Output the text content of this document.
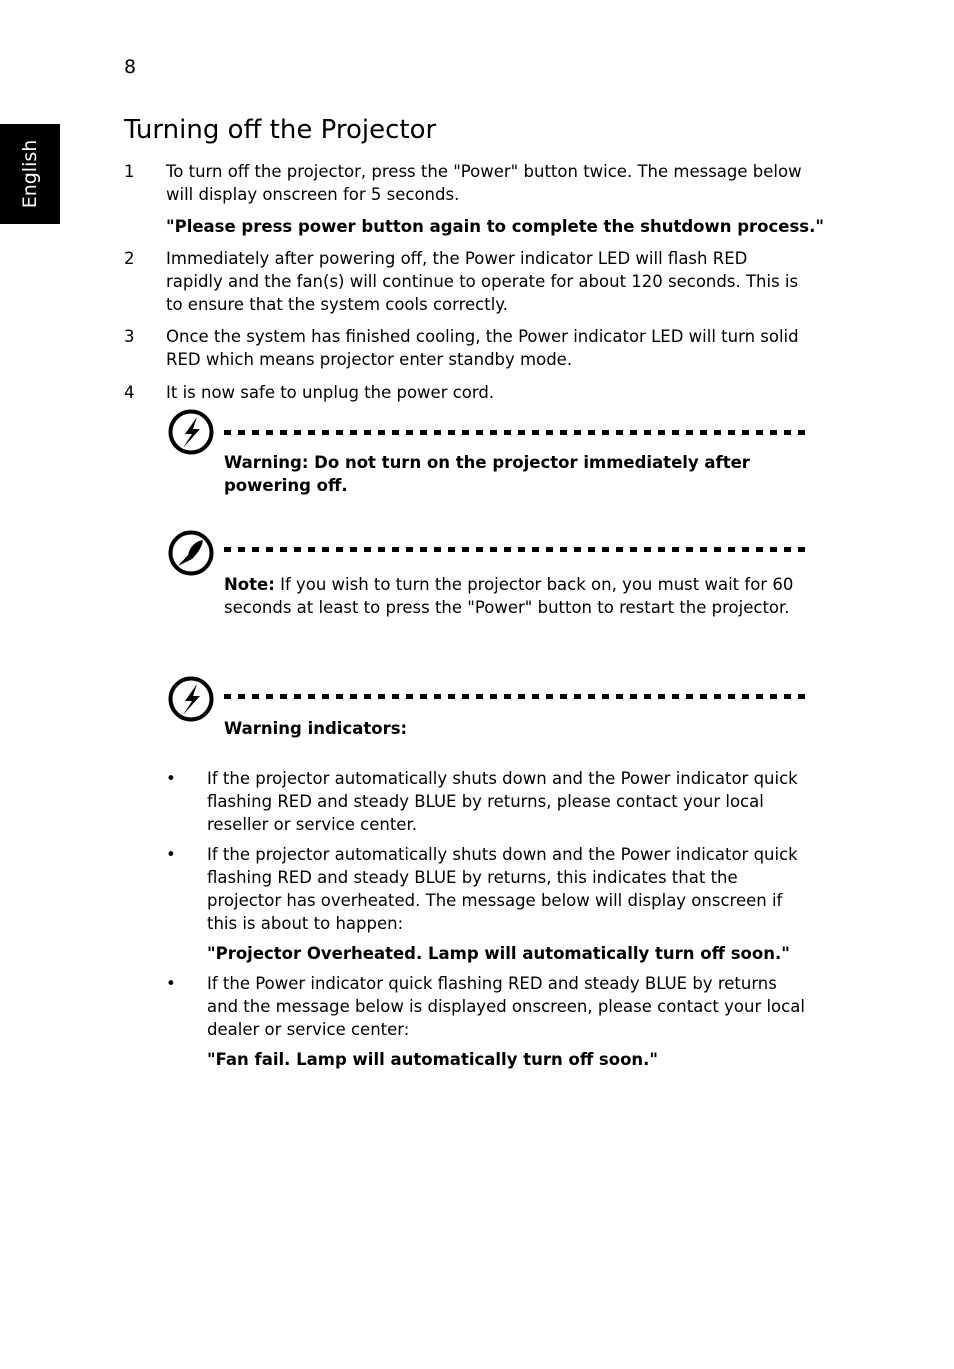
8
English
Turning off the Projector
1 To turn off the projector, press the "Power" button twice. The message below will display onscreen for 5 seconds.
"Please press power button again to complete the shutdown process."
2 Immediately after powering off, the Power indicator LED will flash RED rapidly and the fan(s) will continue to operate for about 120 seconds. This is to ensure that the system cools correctly.
3 Once the system has finished cooling, the Power indicator LED will turn solid RED which means projector enter standby mode.
4 It is now safe to unplug the power cord.
Warning: Do not turn on the projector immediately after powering off.
Note: If you wish to turn the projector back on, you must wait for 60 seconds at least to press the "Power" button to restart the projector.
Warning indicators:
• If the projector automatically shuts down and the Power indicator quick flashing RED and steady BLUE by returns, please contact your local reseller or service center.
• If the projector automatically shuts down and the Power indicator quick flashing RED and steady BLUE by returns, this indicates that the projector has overheated. The message below will display onscreen if this is about to happen:
"Projector Overheated. Lamp will automatically turn off soon."
• If the Power indicator quick flashing RED and steady BLUE by returns and the message below is displayed onscreen, please contact your local dealer or service center:
"Fan fail. Lamp will automatically turn off soon."
